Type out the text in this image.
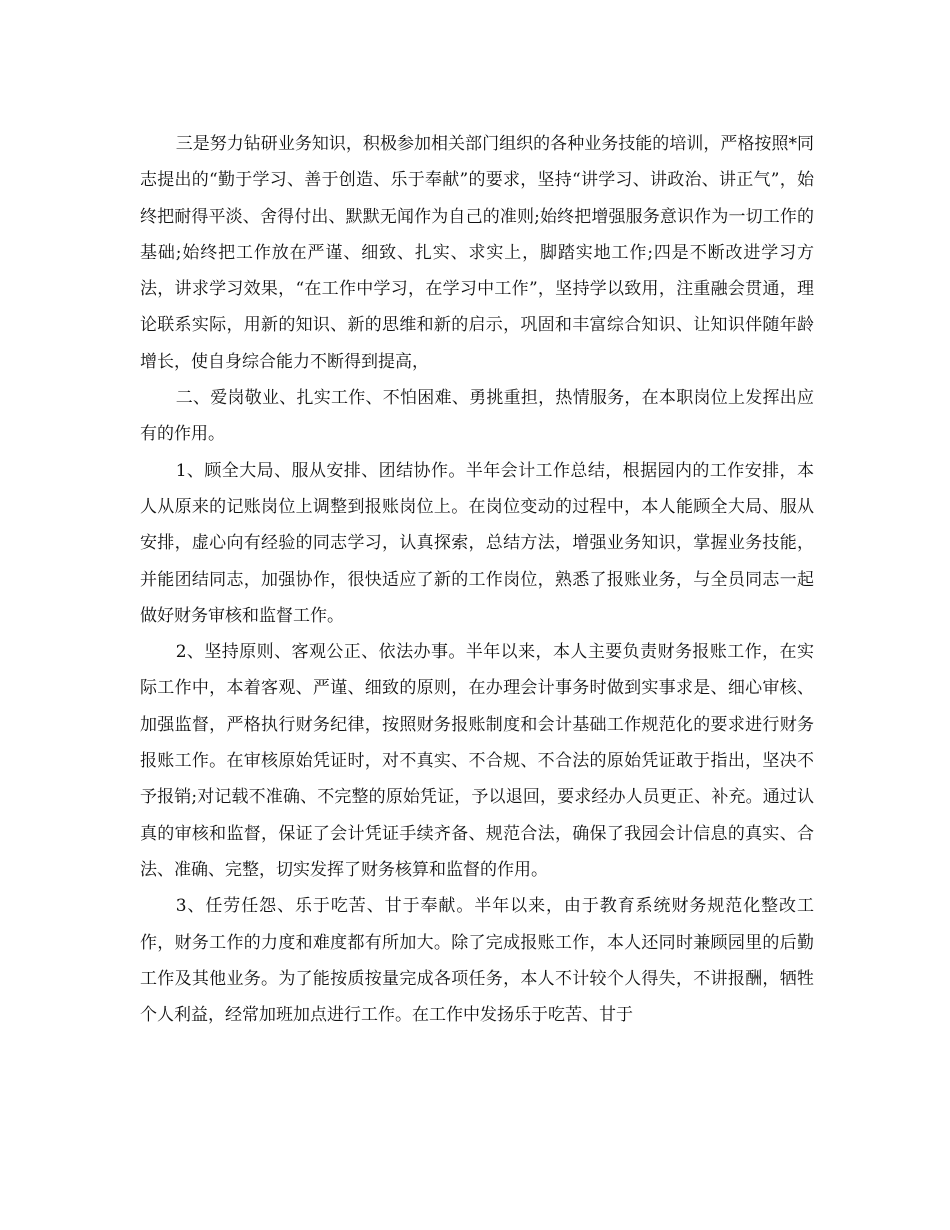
三是努力钻研业务知识，积极参加相关部门组织的各种业务技能的培训，严格按照*同志提出的“勤于学习、善于创造、乐于奉献”的要求，坚持“讲学习、讲政治、讲正气”，始终把耐得平淡、舍得付出、默默无闻作为自己的准则;始终把增强服务意识作为一切工作的基础;始终把工作放在严谨、细致、扎实、求实上，脚踏实地工作;四是不断改进学习方法，讲求学习效果，“在工作中学习，在学习中工作”，坚持学以致用，注重融会贯通，理论联系实际，用新的知识、新的思维和新的启示，巩固和丰富综合知识、让知识伴随年龄增长，使自身综合能力不断得到提高，

二、爱岗敬业、扎实工作、不怕困难、勇挑重担，热情服务，在本职岗位上发挥出应有的作用。

1、顾全大局、服从安排、团结协作。半年会计工作总结，根据园内的工作安排，本人从原来的记账岗位上调整到报账岗位上。在岗位变动的过程中，本人能顾全大局、服从安排，虚心向有经验的同志学习，认真探索，总结方法，增强业务知识，掌握业务技能，并能团结同志，加强协作，很快适应了新的工作岗位，熟悉了报账业务，与全员同志一起做好财务审核和监督工作。

2、坚持原则、客观公正、依法办事。半年以来，本人主要负责财务报账工作，在实际工作中，本着客观、严谨、细致的原则，在办理会计事务时做到实事求是、细心审核、加强监督，严格执行财务纪律，按照财务报账制度和会计基础工作规范化的要求进行财务报账工作。在审核原始凭证时，对不真实、不合规、不合法的原始凭证敢于指出，坚决不予报销;对记载不准确、不完整的原始凭证，予以退回，要求经办人员更正、补充。通过认真的审核和监督，保证了会计凭证手续齐备、规范合法，确保了我园会计信息的真实、合法、准确、完整，切实发挥了财务核算和监督的作用。

3、任劳任怨、乐于吃苦、甘于奉献。半年以来，由于教育系统财务规范化整改工作，财务工作的力度和难度都有所加大。除了完成报账工作，本人还同时兼顾园里的后勤工作及其他业务。为了能按质按量完成各项任务，本人不计较个人得失，不讲报酬，牺牲个人利益，经常加班加点进行工作。在工作中发扬乐于吃苦、甘于
